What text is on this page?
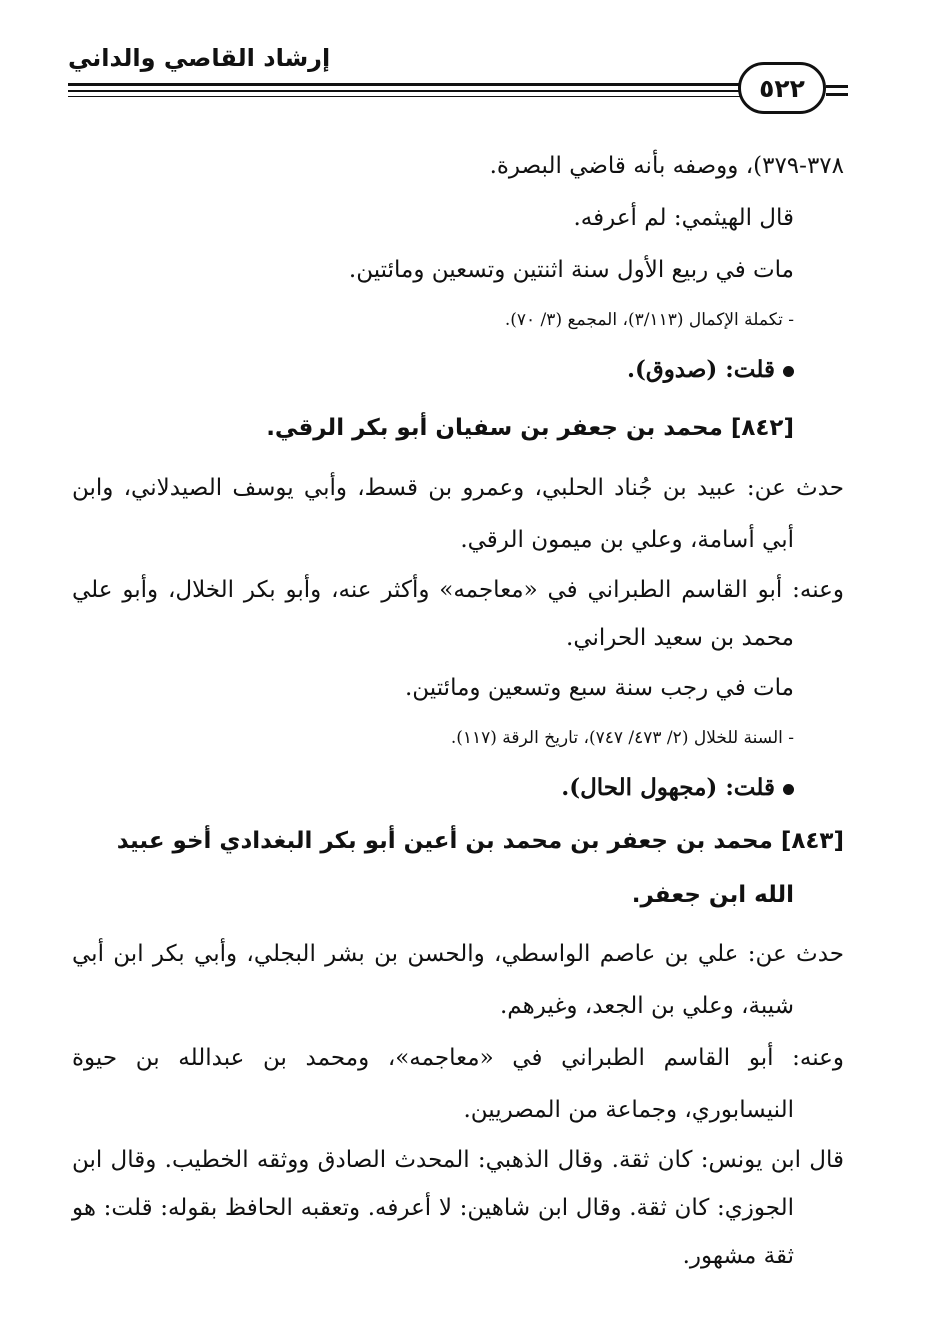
إرشاد القاصي والداني
٥٢٢

٣٧٨-٣٧٩)، ووصفه بأنه قاضي البصرة.

قال الهيثمي: لم أعرفه.

مات في ربيع الأول سنة اثنتين وتسعين ومائتين.

- تكملة الإكمال (٣/١١٣)، المجمع (٣/ ٧٠).

قلت: (صدوق).

[٨٤٢] محمد بن جعفر بن سفيان أبو بكر الرقي.

حدث عن: عبيد بن جُناد الحلبي، وعمرو بن قسط، وأبي يوسف الصيدلاني، وابن أبي أسامة، وعلي بن ميمون الرقي.

وعنه: أبو القاسم الطبراني في «معاجمه» وأكثر عنه، وأبو بكر الخلال، وأبو علي محمد بن سعيد الحراني.

مات في رجب سنة سبع وتسعين ومائتين.

- السنة للخلال (٢/ ٤٧٣/ ٧٤٧)، تاريخ الرقة (١١٧).

قلت: (مجهول الحال).

[٨٤٣] محمد بن جعفر بن محمد بن أعين أبو بكر البغدادي أخو عبيد الله ابن جعفر.

حدث عن: علي بن عاصم الواسطي، والحسن بن بشر البجلي، وأبي بكر ابن أبي شيبة، وعلي بن الجعد، وغيرهم.

وعنه: أبو القاسم الطبراني في «معاجمه»، ومحمد بن عبدالله بن حيوة النيسابوري، وجماعة من المصريين.

قال ابن يونس: كان ثقة. وقال الذهبي: المحدث الصادق ووثقه الخطيب. وقال ابن الجوزي: كان ثقة. وقال ابن شاهين: لا أعرفه. وتعقبه الحافظ بقوله: قلت: هو ثقة مشهور.
